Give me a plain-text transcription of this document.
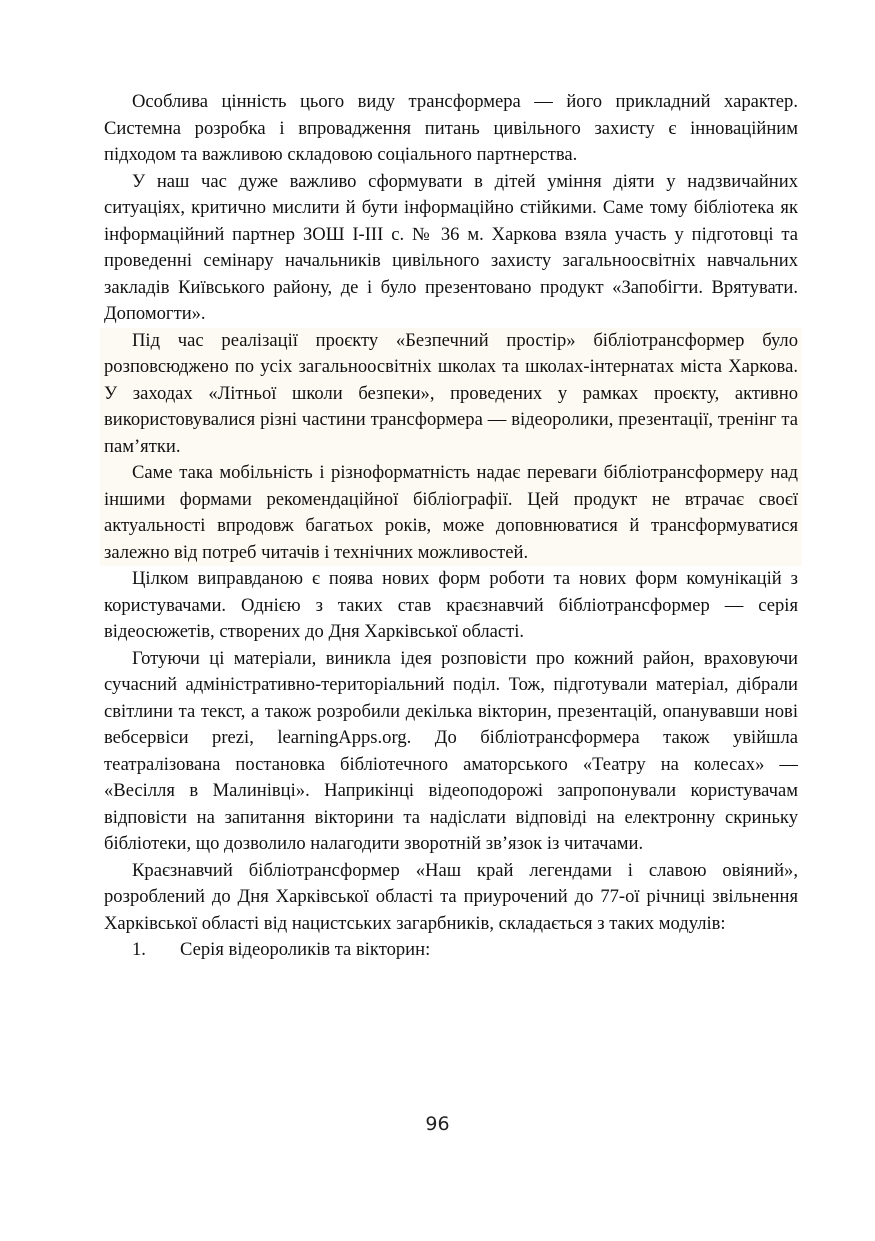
Особлива цінність цього виду трансформера — його прикладний характер. Системна розробка і впровадження питань цивільного захисту є інноваційним підходом та важливою складовою соціального партнерства.

У наш час дуже важливо сформувати в дітей уміння діяти у надзвичайних ситуаціях, критично мислити й бути інформаційно стійкими. Саме тому бібліотека як інформаційний партнер ЗОШ І-ІІІ с. № 36 м. Харкова взяла участь у підготовці та проведенні семінару начальників цивільного захисту загальноосвітніх навчальних закладів Київського району, де і було презентовано продукт «Запобігти. Врятувати. Допомогти».

Під час реалізації проєкту «Безпечний простір» бібліотрансформер було розповсюджено по усіх загальноосвітніх школах та школах-інтернатах міста Харкова. У заходах «Літньої школи безпеки», проведених у рамках проєкту, активно використовувалися різні частини трансформера — відеоролики, презентації, тренінг та пам’ятки.

Саме така мобільність і різноформатність надає переваги бібліотрансформеру над іншими формами рекомендаційної бібліографії. Цей продукт не втрачає своєї актуальності впродовж багатьох років, може доповнюватися й трансформуватися залежно від потреб читачів і технічних можливостей.

Цілком виправданою є поява нових форм роботи та нових форм комунікацій з користувачами. Однією з таких став краєзнавчий бібліотрансформер — серія відеосюжетів, створених до Дня Харківської області.

Готуючи ці матеріали, виникла ідея розповісти про кожний район, враховуючи сучасний адміністративно-територіальний поділ. Тож, підготували матеріал, дібрали світлини та текст, а також розробили декілька вікторин, презентацій, опанувавши нові вебсервіси prezi, learningApps.org. До бібліотрансформера також увійшла театралізована постановка бібліотечного аматорського «Театру на колесах» — «Весілля в Малинівці». Наприкінці відеоподорожі запропонували користувачам відповісти на запитання вікторини та надіслати відповіді на електронну скриньку бібліотеки, що дозволило налагодити зворотній зв’язок із читачами.

Краєзнавчий бібліотрансформер «Наш край легендами і славою овіяний», розроблений до Дня Харківської області та приурочений до 77-ої річниці звільнення Харківської області від нацистських загарбників, складається з таких модулів:

1.	Серія відеороликів та вікторин:
96
